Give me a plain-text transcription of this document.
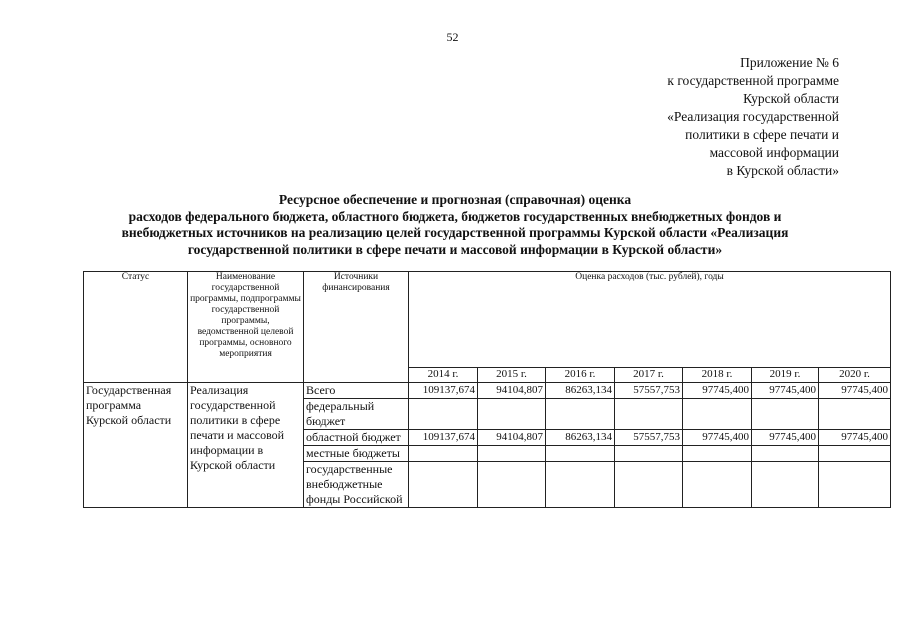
52
Приложение № 6
к государственной программе
Курской области
«Реализация государственной
политики в сфере печати и
массовой информации
в Курской области»
Ресурсное обеспечение и прогнозная (справочная) оценка
расходов федерального бюджета, областного бюджета, бюджетов государственных внебюджетных фондов и
внебюджетных источников на реализацию целей государственной программы Курской области «Реализация
государственной политики в сфере печати и массовой информации в Курской области»
Статус	Наименование государственной программы, подпрограммы государственной программы, ведомственной целевой программы, основного мероприятия	Источники финансирования	Оценка расходов (тыс. рублей), годы						
			2014 г.	2015 г.	2016 г.	2017 г.	2018 г.	2019 г.	2020 г.
Государственная программа Курской области	Реализация государственной политики в сфере печати и массовой информации в Курской области	Всего	109137,674	94104,807	86263,134	57557,753	97745,400	97745,400	97745,400
		федеральный бюджет							
		областной бюджет	109137,674	94104,807	86263,134	57557,753	97745,400	97745,400	97745,400
		местные бюджеты							
		государственные внебюджетные фонды Российской							
